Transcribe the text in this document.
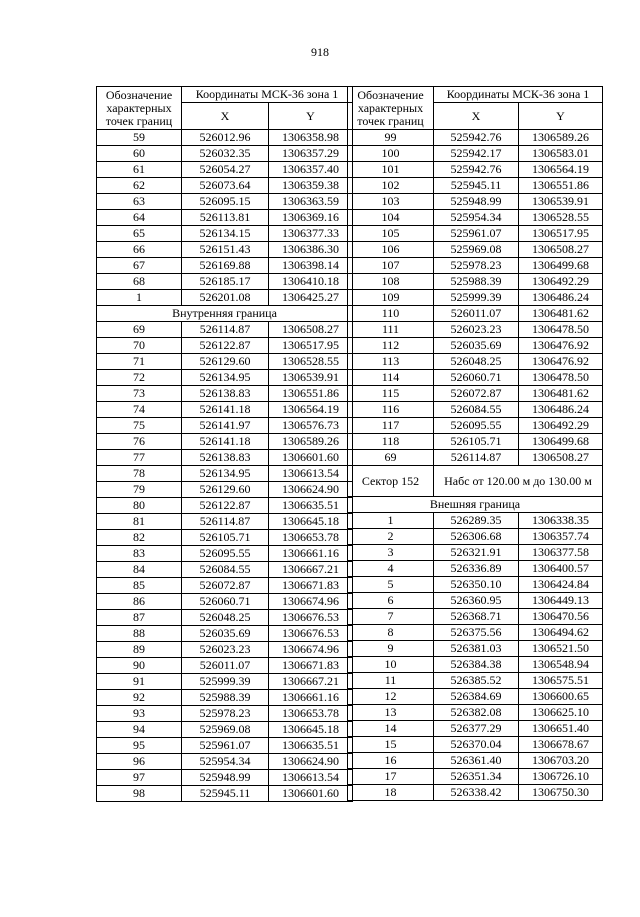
918
Обозначение характерных точек границ	Координаты МСК-36 зона 1	
	X	Y
59	526012.96	1306358.98
60	526032.35	1306357.29
61	526054.27	1306357.40
62	526073.64	1306359.38
63	526095.15	1306363.59
64	526113.81	1306369.16
65	526134.15	1306377.33
66	526151.43	1306386.30
67	526169.88	1306398.14
68	526185.17	1306410.18
1	526201.08	1306425.27
Внутренняя граница		
69	526114.87	1306508.27
70	526122.87	1306517.95
71	526129.60	1306528.55
72	526134.95	1306539.91
73	526138.83	1306551.86
74	526141.18	1306564.19
75	526141.97	1306576.73
76	526141.18	1306589.26
77	526138.83	1306601.60
78	526134.95	1306613.54
79	526129.60	1306624.90
80	526122.87	1306635.51
81	526114.87	1306645.18
82	526105.71	1306653.78
83	526095.55	1306661.16
84	526084.55	1306667.21
85	526072.87	1306671.83
86	526060.71	1306674.96
87	526048.25	1306676.53
88	526035.69	1306676.53
89	526023.23	1306674.96
90	526011.07	1306671.83
91	525999.39	1306667.21
92	525988.39	1306661.16
93	525978.23	1306653.78
94	525969.08	1306645.18
95	525961.07	1306635.51
96	525954.34	1306624.90
97	525948.99	1306613.54
98	525945.11	1306601.60
Обозначение характерных точек границ	Координаты МСК-36 зона 1	
	X	Y
99	525942.76	1306589.26
100	525942.17	1306583.01
101	525942.76	1306564.19
102	525945.11	1306551.86
103	525948.99	1306539.91
104	525954.34	1306528.55
105	525961.07	1306517.95
106	525969.08	1306508.27
107	525978.23	1306499.68
108	525988.39	1306492.29
109	525999.39	1306486.24
110	526011.07	1306481.62
111	526023.23	1306478.50
112	526035.69	1306476.92
113	526048.25	1306476.92
114	526060.71	1306478.50
115	526072.87	1306481.62
116	526084.55	1306486.24
117	526095.55	1306492.29
118	526105.71	1306499.68
69	526114.87	1306508.27
Сектор 152	Набс от 120.00 м до 130.00 м	
Внешняя граница		
1	526289.35	1306338.35
2	526306.68	1306357.74
3	526321.91	1306377.58
4	526336.89	1306400.57
5	526350.10	1306424.84
6	526360.95	1306449.13
7	526368.71	1306470.56
8	526375.56	1306494.62
9	526381.03	1306521.50
10	526384.38	1306548.94
11	526385.52	1306575.51
12	526384.69	1306600.65
13	526382.08	1306625.10
14	526377.29	1306651.40
15	526370.04	1306678.67
16	526361.40	1306703.20
17	526351.34	1306726.10
18	526338.42	1306750.30
